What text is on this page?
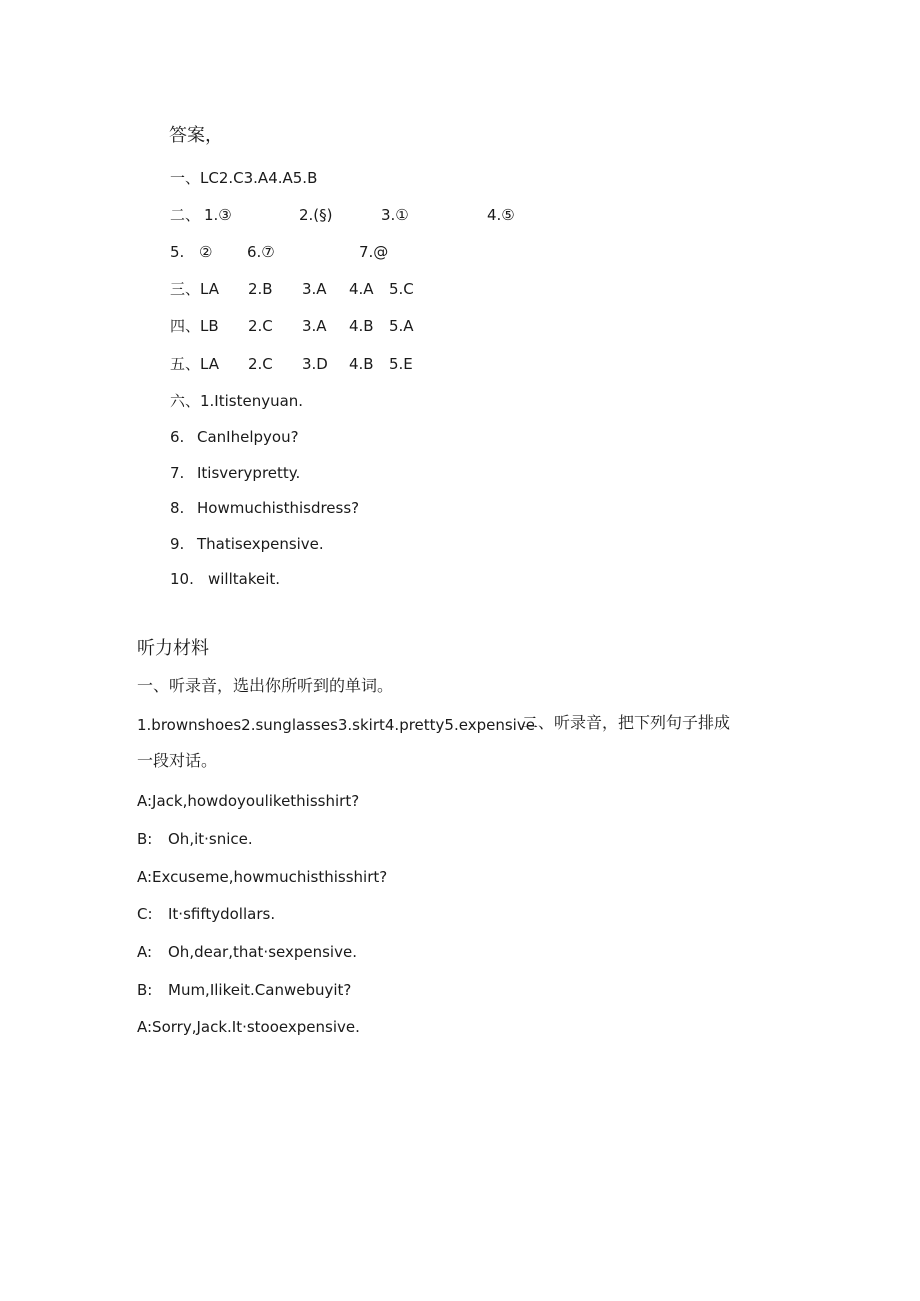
答案，
一、LC2.C3.A4.A5.B
二、 1.③	2.(§)	3.①	4.⑤
5. ② 6.⑦	7.@
三、LA 2.B 3.A 4.A 5.C
四、LB 2.C 3.A 4.B 5.A
五、LA 2.C 3.D 4.B 5.E
六、1.Itistenyuan.
6. CanIhelpyou?
7. Itisverypretty.
8. Howmuchisthisdress?
9. Thatisexpensive.
10. willtakeit.
听力材料
一、听录音，选出你所听到的单词。
1.brownshoes2.sunglasses3.skirt4.pretty5.expensive
二、听录音，把下列句子排成
一段对话。
A:Jack,howdoyoulikethisshirt?
B: Oh,it·snice.
A:Excuseme,howmuchisthisshirt?
C: It·sfiftydollars.
A: Oh,dear,that·sexpensive.
B: Mum,Ilikeit.Canwebuyit?
A:Sorry,Jack.It·stooexpensive.
